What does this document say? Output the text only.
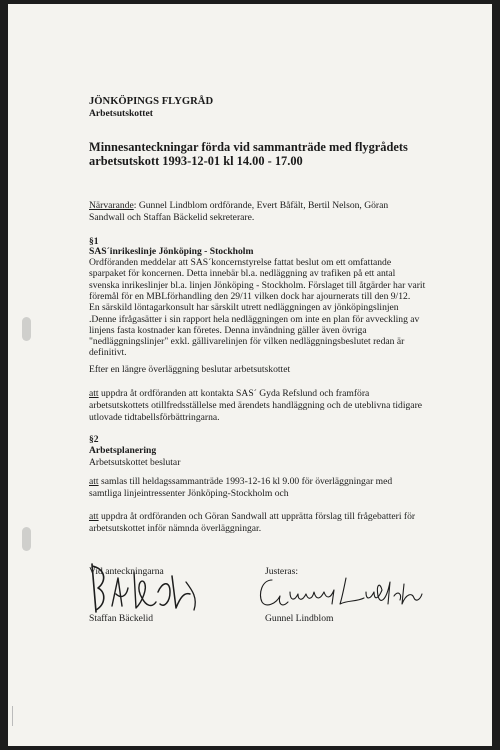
JÖNKÖPINGS FLYGRÅD
Arbetsutskottet
Minnesanteckningar förda vid sammanträde med flygrådets
arbetsutskott 1993-12-01 kl 14.00 - 17.00
Närvarande: Gunnel Lindblom ordförande, Evert Båfält, Bertil Nelson, Göran
Sandwall och Staffan Bäckelid sekreterare.
§1
SAS´inrikeslinje Jönköping - Stockholm
Ordföranden meddelar att SAS´koncernstyrelse fattat beslut om ett omfattande
sparpaket för koncernen. Detta innebär bl.a. nedläggning av trafiken på ett antal
svenska inrikeslinjer bl.a. linjen Jönköping - Stockholm. Förslaget till åtgärder har varit
föremål för en MBLförhandling den 29/11 vilken dock har ajournerats till den 9/12.
En särskild löntagarkonsult har särskilt utrett nedläggningen av jönköpingslinjen
.Denne ifrågasätter i sin rapport hela nedläggningen om inte en plan för avveckling av
linjens fasta kostnader kan företes. Denna invändning gäller även övriga
"nedläggningslinjer" exkl. gällivarelinjen för vilken nedläggningsbeslutet redan är
definitivt.
Efter en längre överläggning beslutar arbetsutskottet
att uppdra åt ordföranden att kontakta SAS´ Gyda Refslund och framföra
arbetsutskottets otillfredsställelse med ärendets handläggning och de uteblivna tidigare
utlovade tidtabellsförbättringarna.
§2
Arbetsplanering
Arbetsutskottet beslutar
att samlas till heldagssammanträde 1993-12-16 kl 9.00 för överläggningar med
samtliga linjeintressenter Jönköping-Stockholm och
att uppdra åt ordföranden och Göran Sandwall att upprätta förslag till frågebatteri för
arbetsutskottet inför nämnda överläggningar.
Vid anteckningarna
Staffan Bäckelid
Justeras:
Gunnel Lindblom
